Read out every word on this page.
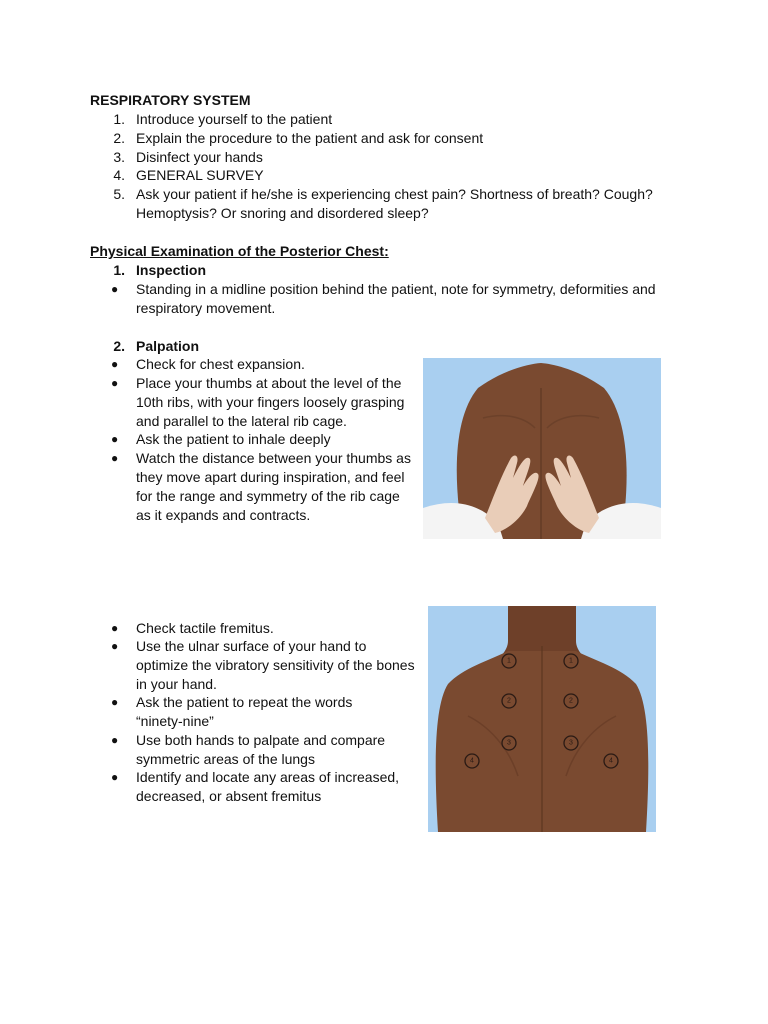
RESPIRATORY SYSTEM
1. Introduce yourself to the patient
2. Explain the procedure to the patient and ask for consent
3. Disinfect your hands
4. GENERAL SURVEY
5. Ask your patient if he/she is experiencing chest pain? Shortness of breath? Cough?
Hemoptysis? Or snoring and disordered sleep?
Physical Examination of the Posterior Chest:
1. Inspection
● Standing in a midline position behind the patient, note for symmetry, deformities and
respiratory movement.
2. Palpation
● Check for chest expansion.
● Place your thumbs at about the level of the
10th ribs, with your fingers loosely grasping
and parallel to the lateral rib cage.
● Ask the patient to inhale deeply
● Watch the distance between your thumbs as
they move apart during inspiration, and feel
for the range and symmetry of the rib cage
as it expands and contracts.
● Check tactile fremitus.
● Use the ulnar surface of your hand to
optimize the vibratory sensitivity of the bones
in your hand.
● Ask the patient to repeat the words
“ninety-nine”
● Use both hands to palpate and compare
symmetric areas of the lungs
● Identify and locate any areas of increased,
decreased, or absent fremitus
1	1
2	2
3	3
4	4
